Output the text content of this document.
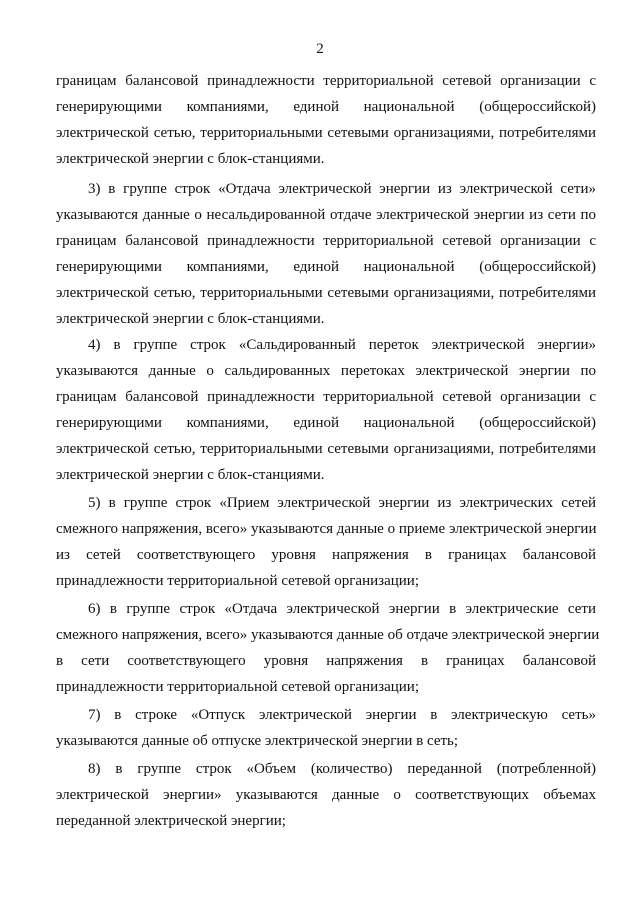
2
границам балансовой принадлежности территориальной сетевой организации с
генерирующими компаниями, единой национальной (общероссийской)
электрической сетью, территориальными сетевыми организациями, потребителями
электрической энергии с блок-станциями.
3) в группе строк «Отдача электрической энергии из электрической сети»
указываются данные о несальдированной отдаче электрической энергии из сети по
границам балансовой принадлежности территориальной сетевой организации с
генерирующими компаниями, единой национальной (общероссийской)
электрической сетью, территориальными сетевыми организациями, потребителями
электрической энергии с блок-станциями.
4) в группе строк «Сальдированный переток электрической энергии»
указываются данные о сальдированных перетоках электрической энергии по
границам балансовой принадлежности территориальной сетевой организации с
генерирующими компаниями, единой национальной (общероссийской)
электрической сетью, территориальными сетевыми организациями, потребителями
электрической энергии с блок-станциями.
5) в группе строк «Прием электрической энергии из электрических сетей
смежного напряжения, всего» указываются данные о приеме электрической энергии
из сетей соответствующего уровня напряжения в границах балансовой
принадлежности территориальной сетевой организации;
6) в группе строк «Отдача электрической энергии в электрические сети
смежного напряжения, всего» указываются данные об отдаче электрической энергии
в сети соответствующего уровня напряжения в границах балансовой
принадлежности территориальной сетевой организации;
7) в строке «Отпуск электрической энергии в электрическую сеть»
указываются данные об отпуске электрической энергии в сеть;
8) в группе строк «Объем (количество) переданной (потребленной)
электрической энергии» указываются данные о соответствующих объемах
переданной электрической энергии;
